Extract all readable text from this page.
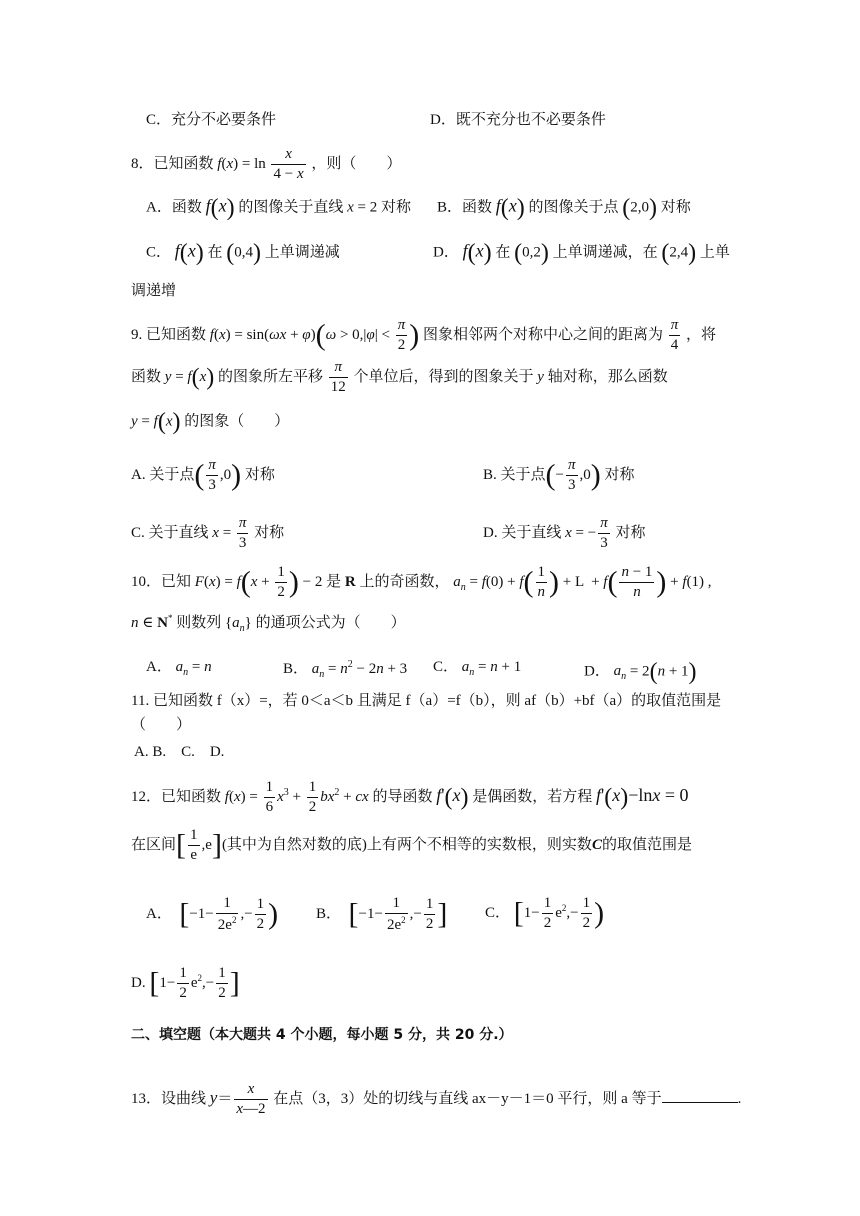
C．充分不必要条件	D．既不充分也不必要条件
8．已知函数 $f(x) = \ln \frac{x}{4 - x}$ ，则（　　）
A．函数 f(x) 的图像关于直线 x = 2 对称 B．函数 f(x) 的图像关于点 (2,0) 对称
C． f(x) 在 (0,4) 上单调递减	D． f(x) 在 (0,2) 上单调递减，在 (2,4) 上单
调递增
9. 已知函数 $f(x) = \sin(\omega x + \varphi)(\omega > 0,|\varphi| < \frac{\pi}{2}$ ) 图象相邻两个对称中心之间的距离为 $\frac{\pi}{4}$ ，将
函数 y = f(x) 的图象所左平移 $\frac{\pi}{12}$ 个单位后，得到的图象关于 y 轴对称，那么函数
y = f(x) 的图象（　　）
A. 关于点( $\frac{\pi}{3} ,0$) 对称	B. 关于点(− $\frac{\pi}{3} ,0$) 对称
C. 关于直线 $x = \frac{\pi}{3}$ 对称	D. 关于直线 x = − $\frac{\pi}{3}$ 对称
10．已知 $F(x) = f(x + \frac{1}{2}$ ) − 2 是 R 上的奇函数， $a_n = f(0) + f( \frac{1}{n}$ ) + $L + f( \frac{n - 1}{n}$ ) + f(1) ,
n ∈ N* 则数列 $\{a_n\}$ 的通项公式为（　　）
A． $a_n = n$	B． $a_n = n^2 - 2n + 3$ C． $a_n = n + 1$	D． $a_n = 2(n + 1)$
11. 已知函数 f（x）=，若 0＜a＜b 且满足 f（a）=f（b），则 af（b）+bf（a）的取值范围是
（　　）
A. B.　C.　D.
12．已知函数 $f(x) = \frac{1}{6} x^3 + \frac{1}{2} bx^2$ + cx 的导函数 f'(x) 是偶函数，若方程 f'(x)−lnx = 0
在区间[ $\frac{1}{e} ,e$](其中为自然对数的底)上有两个不相等的实数根，则实数C的取值范围是
A． [$-1- \frac{1}{2e^2}$ ,− $\frac{1}{2}$ )	B． [$-1- \frac{1}{2e^2}$ ,− $\frac{1}{2}$ ]	C． [$1- \frac{1}{2} e^2,- \frac{1}{2}$ )
D. [$1- \frac{1}{2} e^2,- \frac{1}{2}$ ]
二、填空题（本大题共 4 个小题，每小题 5 分，共 20 分.）
13．设曲线 $y= \frac{x}{x—2}$ 在点（3，3）处的切线与直线 ax－y－1＝0 平行，则 a 等于	.
